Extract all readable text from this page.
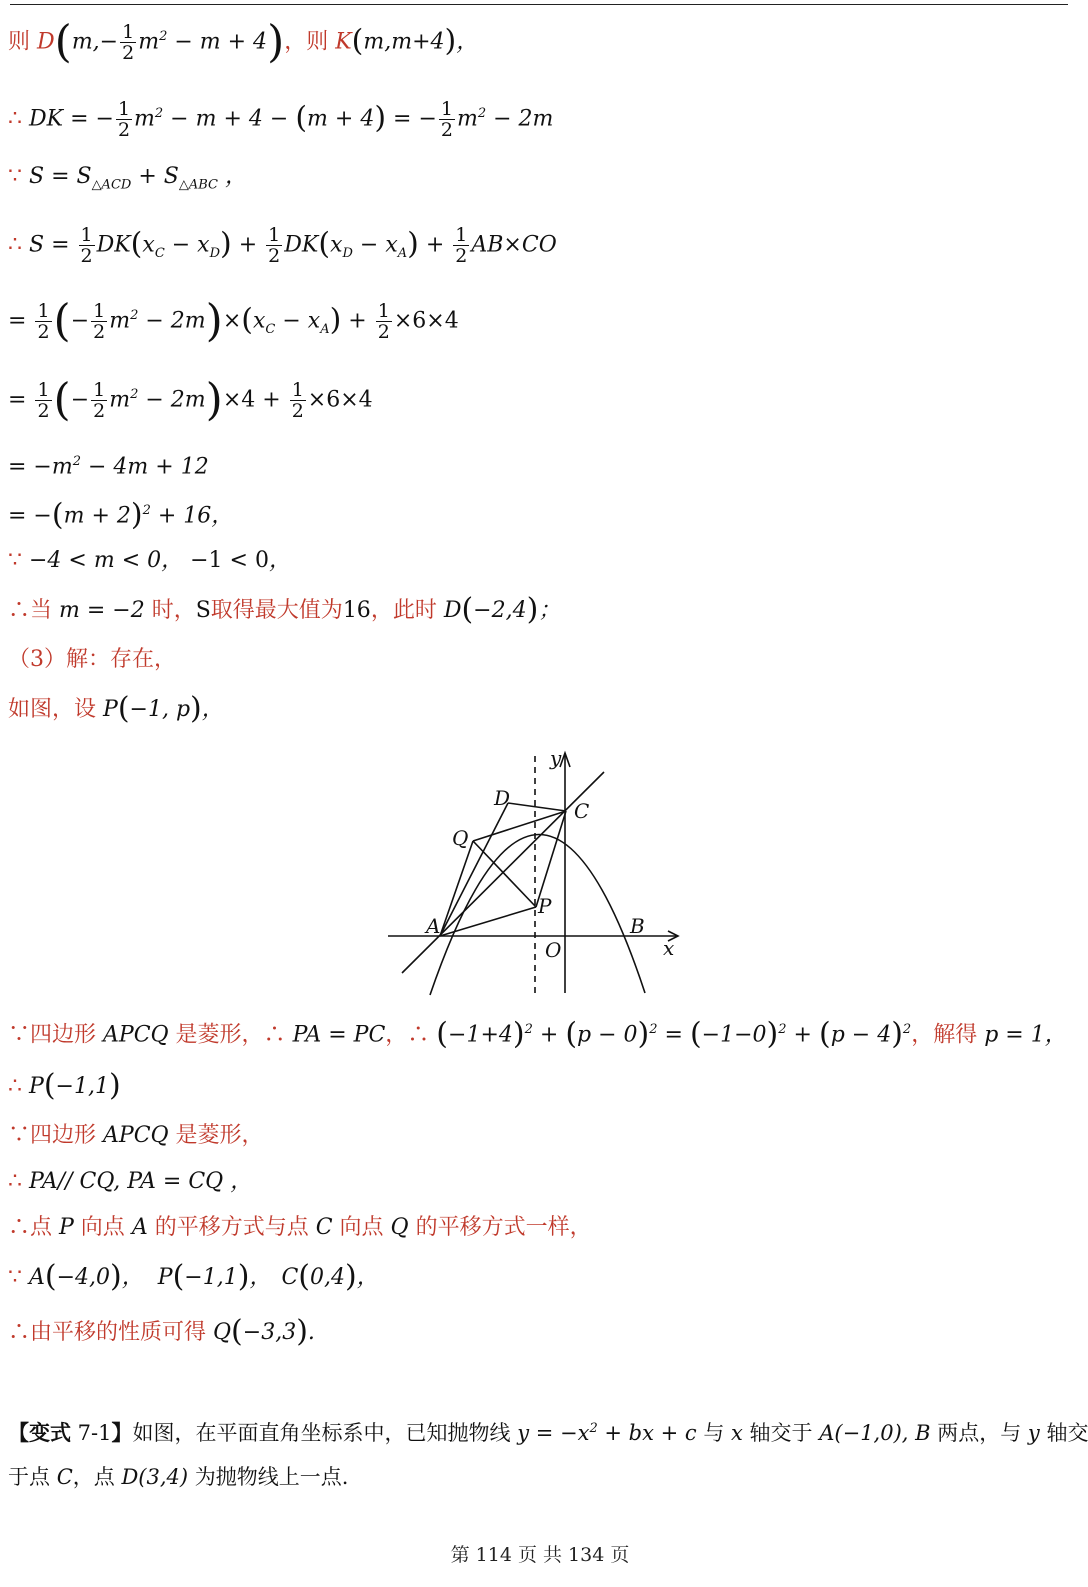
则 $D(m,- \frac{1}{2} m^2 - m + 4)$，则 K(m,m+4)，
∴ DK = − $\frac{1}{2} m^2 - m + 4 - (m + 4)$ = − $\frac{1}{2} m^2 - 2m$
∵ $S = S_{\triangle ACD} + S_{\triangle ABC}$ ，
∴ $S = \frac{1}{2} DK(x_C - x_D) + \frac{1}{2} DK(x_D - x_A) + \frac{1}{2} AB\times CO$
= $\frac{1}{2}$ (− $\frac{1}{2} m^2 - 2m)\times(x_C - x_A) + \frac{1}{2} \times 6\times 4$
= $\frac{1}{2}$ (− $\frac{1}{2} m^2 - 2m)\times 4 + \frac{1}{2} \times 6\times 4$
= $-m^2 - 4m + 12$
= $-(m + 2)^2 + 16$，
∵ −4 < m < 0， −1 < 0，
∴当 m = −2 时，S取得最大值为16，此时 D(−2,4)；
（3）解：存在，
如图，设 P(−1, p)，
y
x
D
C
Q
P
A	B
O
∵四边形 APCQ 是菱形，∴ PA = PC，∴ $(-1+4)^2 + (p - 0)^2 = (-1-0)^2 + (p - 4)^2$，解得 p = 1，
∴ P(−1,1)
∵四边形 APCQ 是菱形，
∴ PA// CQ, PA = CQ ，
∴点 P 向点 A 的平移方式与点 C 向点 Q 的平移方式一样，
∵ A(−4,0)， P(−1,1)， C(0,4)，
∴由平移的性质可得 Q(−3,3).
【变式 7-1】如图，在平面直角坐标系中，已知抛物线 $y = -x^2$ + bx + c 与 x 轴交于 A(−1,0), B 两点，与 y 轴交
于点 C，点 D(3,4) 为抛物线上一点.
第 114 页 共 134 页
